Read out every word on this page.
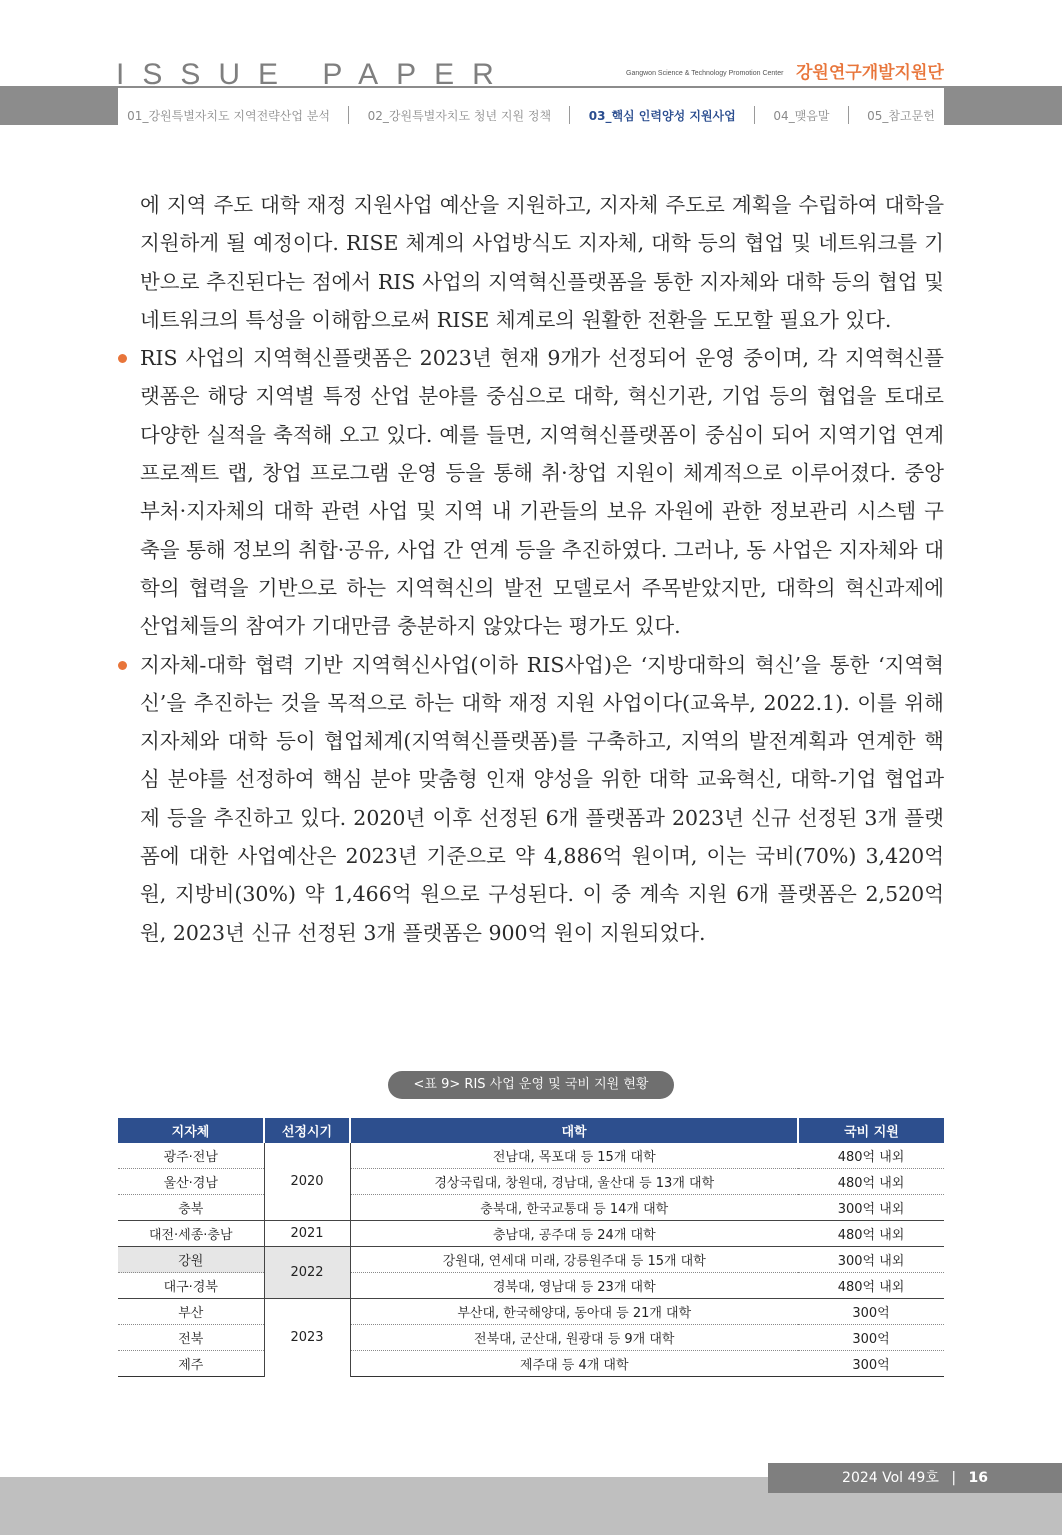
ISSUE PAPER	Gangwon Science & Technology Promotion Center 강원연구개발지원단
01_강원특별자치도 지역전략산업 분석	02_강원특별자치도 청년 지원 정책	03_핵심 인력양성 지원사업	04_맺음말	05_참고문헌

에 지역 주도 대학 재정 지원사업 예산을 지원하고, 지자체 주도로 계획을 수립하여 대학을 지원하게 될 예정이다. RISE 체계의 사업방식도 지자체, 대학 등의 협업 및 네트워크를 기반으로 추진된다는 점에서 RIS 사업의 지역혁신플랫폼을 통한 지자체와 대학 등의 협업 및 네트워크의 특성을 이해함으로써 RISE 체계로의 원활한 전환을 도모할 필요가 있다.

RIS 사업의 지역혁신플랫폼은 2023년 현재 9개가 선정되어 운영 중이며, 각 지역혁신플랫폼은 해당 지역별 특정 산업 분야를 중심으로 대학, 혁신기관, 기업 등의 협업을 토대로 다양한 실적을 축적해 오고 있다. 예를 들면, 지역혁신플랫폼이 중심이 되어 지역기업 연계 프로젝트 랩, 창업 프로그램 운영 등을 통해 취·창업 지원이 체계적으로 이루어졌다. 중앙부처·지자체의 대학 관련 사업 및 지역 내 기관들의 보유 자원에 관한 정보관리 시스템 구축을 통해 정보의 취합·공유, 사업 간 연계 등을 추진하였다. 그러나, 동 사업은 지자체와 대학의 협력을 기반으로 하는 지역혁신의 발전 모델로서 주목받았지만, 대학의 혁신과제에 산업체들의 참여가 기대만큼 충분하지 않았다는 평가도 있다.

지자체-대학 협력 기반 지역혁신사업(이하 RIS사업)은 ‘지방대학의 혁신’을 통한 ‘지역혁신’을 추진하는 것을 목적으로 하는 대학 재정 지원 사업이다(교육부, 2022.1). 이를 위해 지자체와 대학 등이 협업체계(지역혁신플랫폼)를 구축하고, 지역의 발전계획과 연계한 핵심 분야를 선정하여 핵심 분야 맞춤형 인재 양성을 위한 대학 교육혁신, 대학-기업 협업과제 등을 추진하고 있다. 2020년 이후 선정된 6개 플랫폼과 2023년 신규 선정된 3개 플랫폼에 대한 사업예산은 2023년 기준으로 약 4,886억 원이며, 이는 국비(70%) 3,420억 원, 지방비(30%) 약 1,466억 원으로 구성된다. 이 중 계속 지원 6개 플랫폼은 2,520억 원, 2023년 신규 선정된 3개 플랫폼은 900억 원이 지원되었다.

<표 9> RIS 사업 운영 및 국비 지원 현황
지자체	선정시기	대학	국비 지원
광주·전남	2020	전남대, 목포대 등 15개 대학	480억 내외
울산·경남		경상국립대, 창원대, 경남대, 울산대 등 13개 대학	480억 내외
충북		충북대, 한국교통대 등 14개 대학	300억 내외
대전·세종·충남	2021	충남대, 공주대 등 24개 대학	480억 내외
강원	2022	강원대, 연세대 미래, 강릉원주대 등 15개 대학	300억 내외
대구·경북		경북대, 영남대 등 23개 대학	480억 내외
부산	2023	부산대, 한국해양대, 동아대 등 21개 대학	300억
전북		전북대, 군산대, 원광대 등 9개 대학	300억
제주		제주대 등 4개 대학	300억
2024 Vol 49호 | 16
